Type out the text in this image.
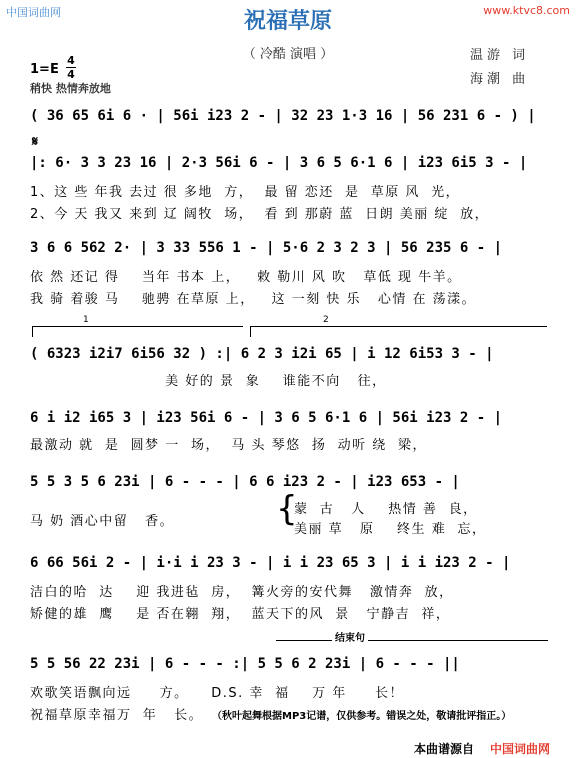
中国词曲网	www.ktvc8.com
祝福草原
（ 冷酷 演唱 ）	温游 词
海潮 曲
1=E
4
4
稍快 热情奔放地
( 36 65 6i 6 · | 56i i23 2 - | 32 23 1·3 16 | 56 231 6 - ) |
𝄋
|: 6· 3 3 23 16 | 2·3 56i 6 - | 3 6 5 6·1 6 | i23 6i5 3 - |
1、这 些 年我 去过 很 多地  方，  最 留 恋还  是  草原 风  光，
2、今 天 我又 来到 辽 阔牧  场，  看 到 那蔚 蓝  日朗 美丽 绽  放，
3 6 6 562 2· | 3 33 556 1 - | 5·6 2 3 2 3 | 56 235 6 - |
依 然 还记 得    当年 书本 上，   敕 勒川 风 吹   草低 现 牛羊。
我 骑 着骏 马    驰骋 在草原 上，   这 一刻 快 乐   心情 在 荡漾。
1	2
( 6323 i2i7 6i56 32 ) :| 6 2 3 i2i 65 | i 12 6i53 3 - |
美 好的 景  象    谁能不向   往，
6 i i2 i65 3 | i23 56i 6 - | 3 6 5 6·1 6 | 56i i23 2 - |
最激动 就  是  圆梦 一  场，  马 头 琴悠  扬  动听 绕  梁，
5 5 3 5 6 23i | 6 - - - | 6 6 i23 2 - | i23 653 - |
马 奶 酒心中留   香。	{
蒙  古   人    热情 善  良，
美丽 草   原    终生 难  忘，
6 66 56i 2 - | i·i i 23 3 - | i i 23 65 3 | i i i23 2 - |
洁白的哈  达    迎 我进毡  房，  篝火旁的安代舞   激情奔  放，
矫健的雄  鹰    是 否在翱  翔，  蓝天下的风  景   宁静吉  祥，
结束句
5 5 56 22 23i | 6 - - - :| 5 5 6 2 23i | 6 - - - ||
欢歌笑语飘向远     方。    D.S. 幸  福    万 年     长！
祝福草原幸福万  年   长。 （秋叶起舞根据MP3记谱，仅供参考。错误之处，敬请批评指正。）
本曲谱源自 中国词曲网
